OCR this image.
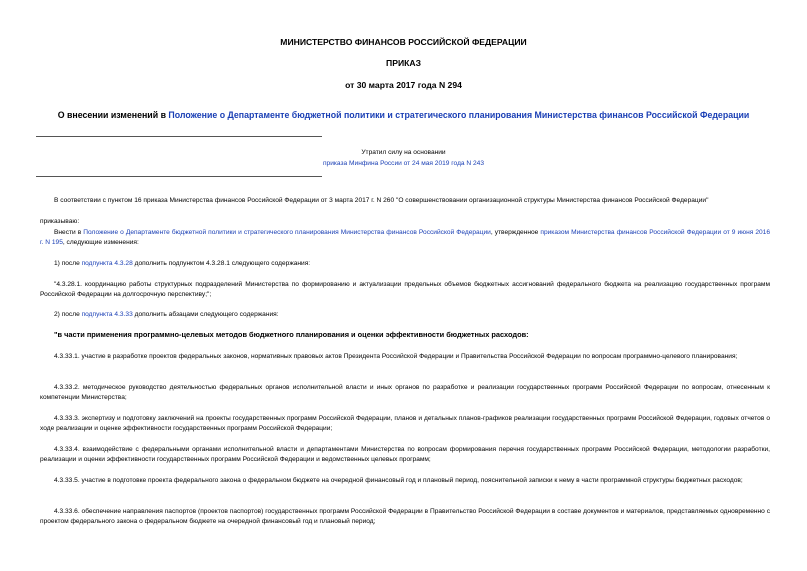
МИНИСТЕРСТВО ФИНАНСОВ РОССИЙСКОЙ ФЕДЕРАЦИИ
ПРИКАЗ
от 30 марта 2017 года N 294
О внесении изменений в Положение о Департаменте бюджетной политики и стратегического планирования Министерства финансов Российской Федерации
Утратил силу на основании
приказа Минфина России от 24 мая 2019 года N 243
В соответствии с пунктом 16 приказа Министерства финансов Российской Федерации от 3 марта 2017 г. N 260 "О совершенствовании организационной структуры Министерства финансов Российской Федерации"
приказываю:
Внести в Положение о Департаменте бюджетной политики и стратегического планирования Министерства финансов Российской Федерации, утвержденное приказом Министерства финансов Российской Федерации от 9 июня 2016 г. N 195, следующие изменения:
1) после подпункта 4.3.28 дополнить подпунктом 4.3.28.1 следующего содержания:
"4.3.28.1. координацию работы структурных подразделений Министерства по формированию и актуализации предельных объемов бюджетных ассигнований федерального бюджета на реализацию государственных программ Российской Федерации на долгосрочную перспективу;";
2) после подпункта 4.3.33 дополнить абзацами следующего содержания:
"в части применения программно-целевых методов бюджетного планирования и оценки эффективности бюджетных расходов:
4.3.33.1. участие в разработке проектов федеральных законов, нормативных правовых актов Президента Российской Федерации и Правительства Российской Федерации по вопросам программно-целевого планирования;
4.3.33.2. методическое руководство деятельностью федеральных органов исполнительной власти и иных органов по разработке и реализации государственных программ Российской Федерации по вопросам, отнесенным к компетенции Министерства;
4.3.33.3. экспертизу и подготовку заключений на проекты государственных программ Российской Федерации, планов и детальных планов-графиков реализации государственных программ Российской Федерации, годовых отчетов о ходе реализации и оценке эффективности государственных программ Российской Федерации;
4.3.33.4. взаимодействие с федеральными органами исполнительной власти и департаментами Министерства по вопросам формирования перечня государственных программ Российской Федерации, методологии разработки, реализации и оценки эффективности государственных программ Российской Федерации и ведомственных целевых программ;
4.3.33.5. участие в подготовке проекта федерального закона о федеральном бюджете на очередной финансовый год и плановый период, пояснительной записки к нему в части программной структуры бюджетных расходов;
4.3.33.6. обеспечение направления паспортов (проектов паспортов) государственных программ Российской Федерации в Правительство Российской Федерации в составе документов и материалов, представляемых одновременно с проектом федерального закона о федеральном бюджете на очередной финансовый год и плановый период;
